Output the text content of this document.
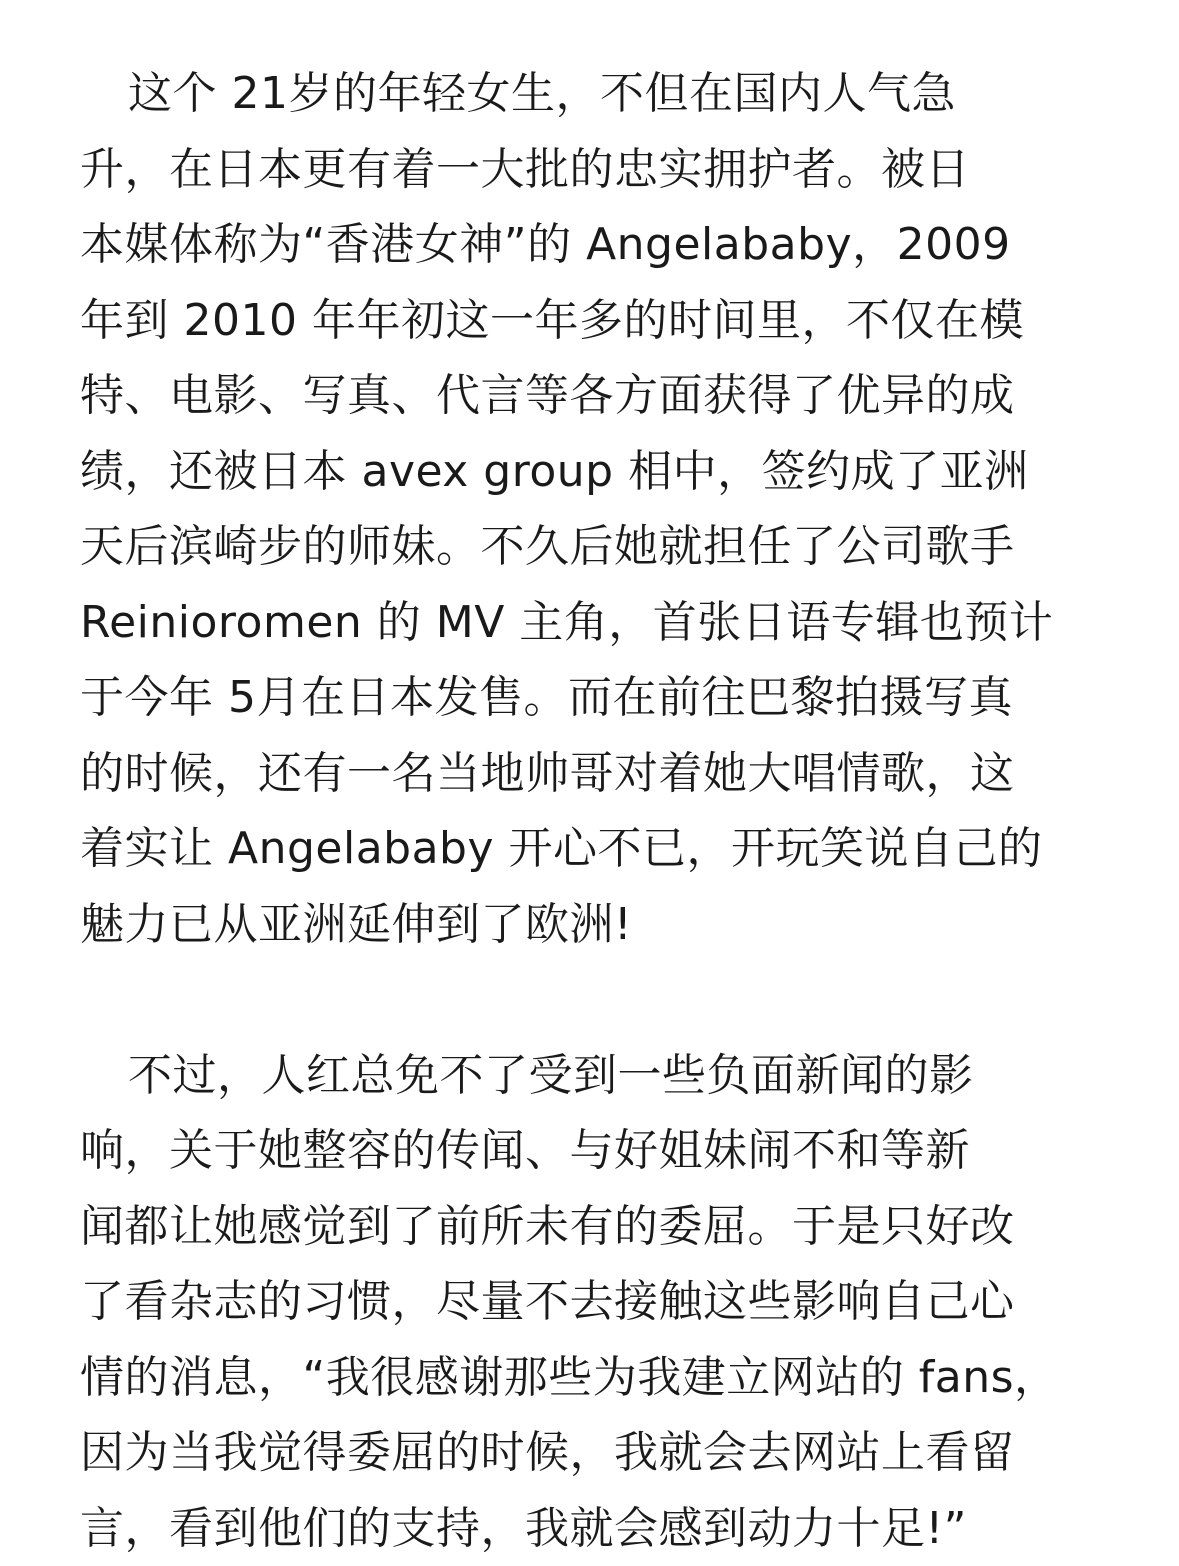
这个 21岁的年轻女生，不但在国内人气急
升，在日本更有着一大批的忠实拥护者。被日
本媒体称为“香港女神”的 Angelababy，2009
年到 2010 年年初这一年多的时间里，不仅在模
特、电影、写真、代言等各方面获得了优异的成
绩，还被日本 avex group 相中，签约成了亚洲
天后滨崎步的师妹。不久后她就担任了公司歌手
Reinioromen 的 MV 主角，首张日语专辑也预计
于今年 5月在日本发售。而在前往巴黎拍摄写真
的时候，还有一名当地帅哥对着她大唱情歌，这
着实让 Angelababy 开心不已，开玩笑说自己的
魅力已从亚洲延伸到了欧洲!
不过，人红总免不了受到一些负面新闻的影
响，关于她整容的传闻、与好姐妹闹不和等新
闻都让她感觉到了前所未有的委屈。于是只好改
了看杂志的习惯，尽量不去接触这些影响自己心
情的消息，“我很感谢那些为我建立网站的 fans，
因为当我觉得委屈的时候，我就会去网站上看留
言，看到他们的支持，我就会感到动力十足!”
